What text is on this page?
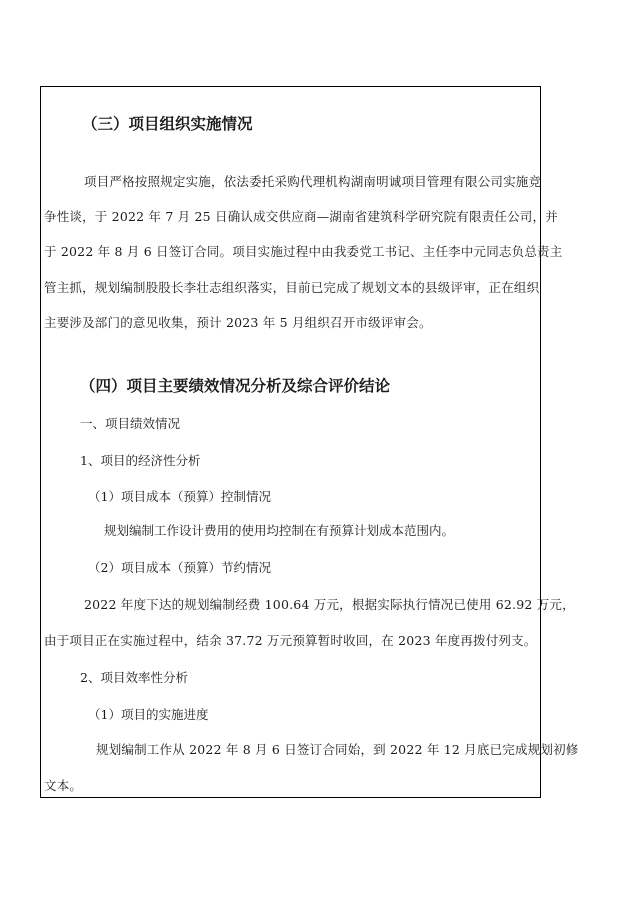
（三）项目组织实施情况
项目严格按照规定实施，依法委托采购代理机构湖南明诚项目管理有限公司实施竞
争性谈，于 2022 年 7 月 25 日确认成交供应商—湖南省建筑科学研究院有限责任公司，并
于 2022 年 8 月 6 日签订合同。项目实施过程中由我委党工书记、主任李中元同志负总责主
管主抓，规划编制股股长李壮志组织落实，目前已完成了规划文本的县级评审，正在组织
主要涉及部门的意见收集，预计 2023 年 5 月组织召开市级评审会。
（四）项目主要绩效情况分析及综合评价结论
一、项目绩效情况
1、项目的经济性分析
（1）项目成本（预算）控制情况
规划编制工作设计费用的使用均控制在有预算计划成本范围内。
（2）项目成本（预算）节约情况
2022 年度下达的规划编制经费 100.64 万元，根据实际执行情况已使用 62.92 万元，
由于项目正在实施过程中，结余 37.72 万元预算暂时收回，在 2023 年度再拨付列支。
2、项目效率性分析
（1）项目的实施进度
规划编制工作从 2022 年 8 月 6 日签订合同始，到 2022 年 12 月底已完成规划初修
文本。
